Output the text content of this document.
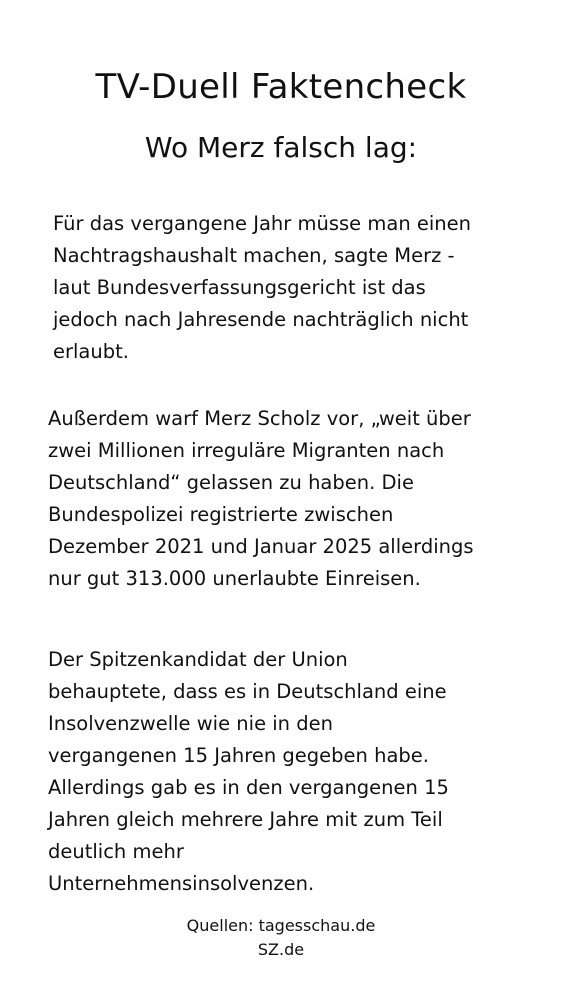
TV-Duell Faktencheck
Wo Merz falsch lag:

Für das vergangene Jahr müsse man einen
Nachtragshaushalt machen, sagte Merz -
laut Bundesverfassungsgericht ist das
jedoch nach Jahresende nachträglich nicht
erlaubt.

Außerdem warf Merz Scholz vor, „weit über
zwei Millionen irreguläre Migranten nach
Deutschland“ gelassen zu haben. Die
Bundespolizei registrierte zwischen
Dezember 2021 und Januar 2025 allerdings
nur gut 313.000 unerlaubte Einreisen.

Der Spitzenkandidat der Union
behauptete, dass es in Deutschland eine
Insolvenzwelle wie nie in den
vergangenen 15 Jahren gegeben habe.
Allerdings gab es in den vergangenen 15
Jahren gleich mehrere Jahre mit zum Teil
deutlich mehr
Unternehmensinsolvenzen.

Quellen: tagesschau.de
SZ.de
